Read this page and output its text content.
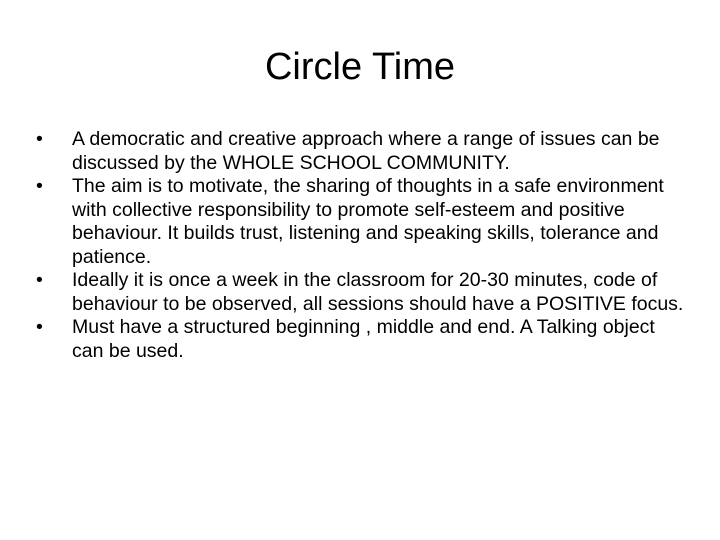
Circle Time
•	A democratic and creative approach where a range of issues can be discussed by the WHOLE SCHOOL COMMUNITY.
•	The aim is to motivate, the sharing of thoughts in a safe environment with collective responsibility to promote self-esteem and positive behaviour. It builds trust, listening and speaking skills, tolerance and patience.
•	Ideally it is once a week in the classroom for 20-30 minutes, code of behaviour to be observed, all sessions should have a POSITIVE focus.
•	Must have a structured beginning , middle and end. A Talking object can be used.
